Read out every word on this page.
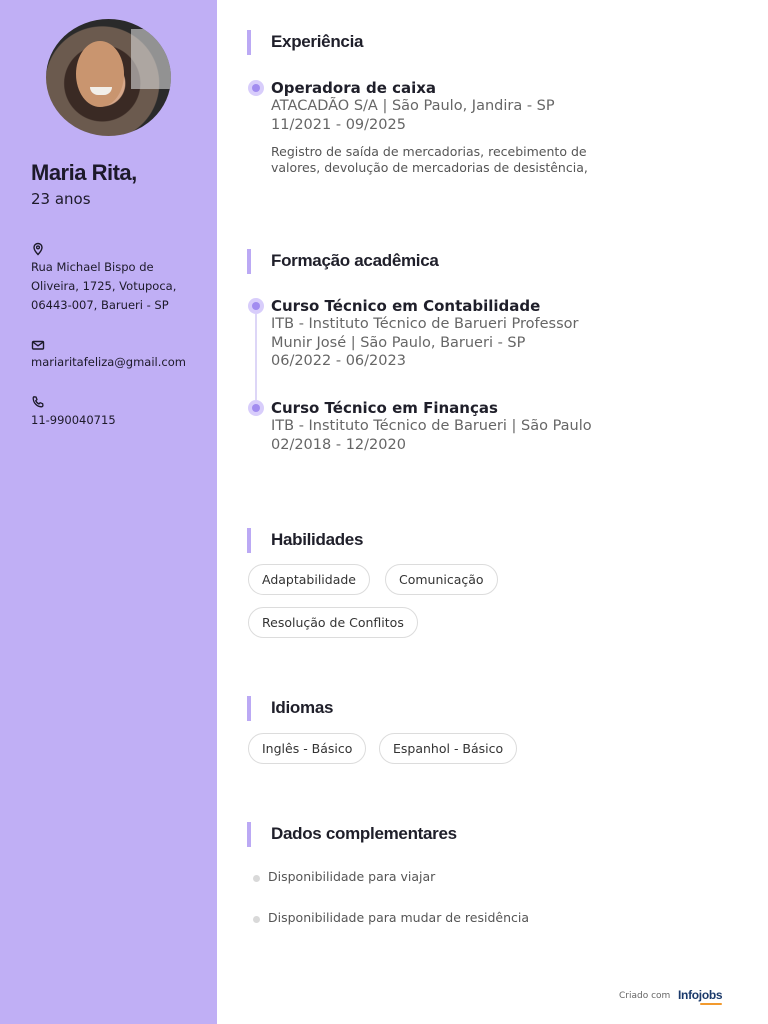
Maria Rita,
23 anos
Rua Michael Bispo de
Oliveira, 1725, Votupoca,
06443-007, Barueri - SP
mariaritafeliza@gmail.com
11-990040715
Experiência
Operadora de caixa
ATACADÃO S/A | São Paulo, Jandira - SP
11/2021 - 09/2025
Registro de saída de mercadorias, recebimento de
valores, devolução de mercadorias de desistência,
Formação acadêmica
Curso Técnico em Contabilidade
ITB - Instituto Técnico de Barueri Professor
Munir José | São Paulo, Barueri - SP
06/2022 - 06/2023
Curso Técnico em Finanças
ITB - Instituto Técnico de Barueri | São Paulo
02/2018 - 12/2020
Habilidades
Adaptabilidade	Comunicação
Resolução de Conflitos
Idiomas
Inglês - Básico	Espanhol - Básico
Dados complementares
Disponibilidade para viajar
Disponibilidade para mudar de residência
Criado com Infojobs
